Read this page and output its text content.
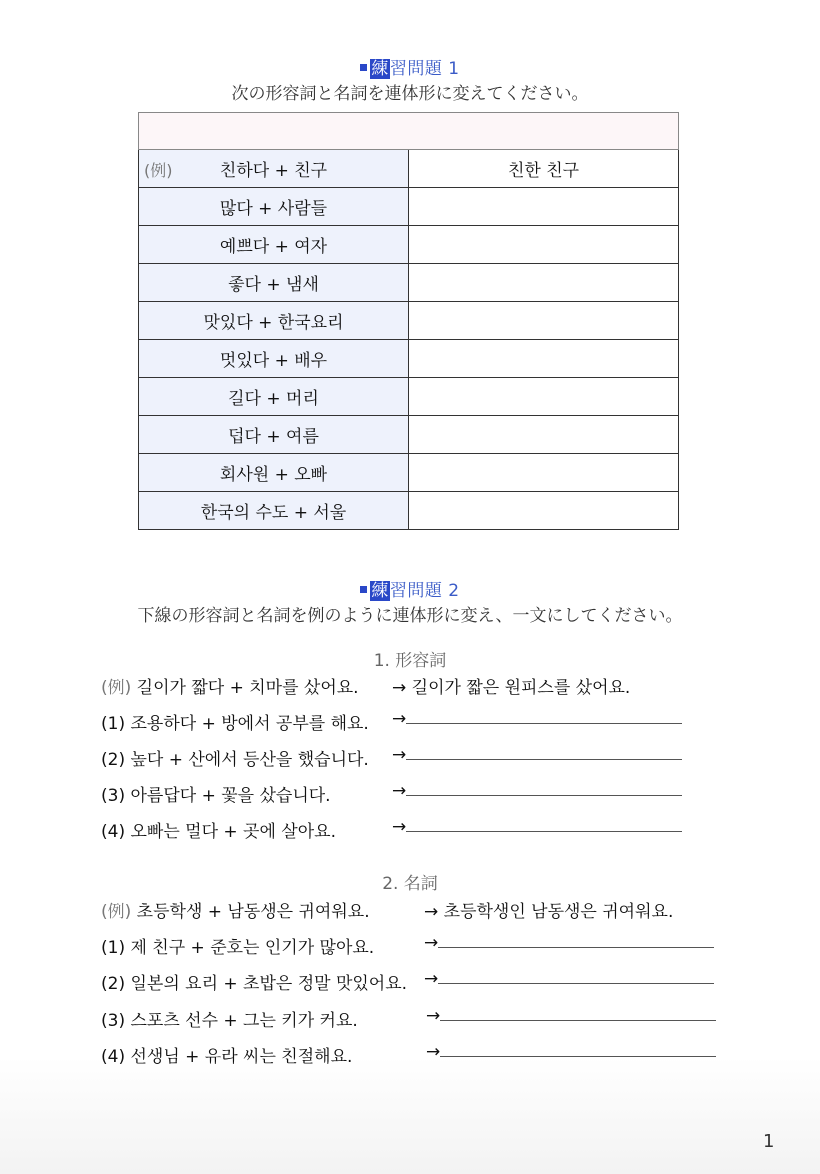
練習問題 1
次の形容詞と名詞を連体形に変えてください。

(例) 친하다 + 친구	친한 친구
많다 + 사람들	
예쁘다 + 여자	
좋다 + 냄새	
맛있다 + 한국요리	
멋있다 + 배우	
길다 + 머리	
덥다 + 여름	
회사원 + 오빠	
한국의 수도 + 서울	
練習問題 2
下線の形容詞と名詞を例のように連体形に変え、一文にしてください。
1. 形容詞
(例) 길이가 짧다 + 치마를 샀어요. → 길이가 짧은 원피스를 샀어요.
(1) 조용하다 + 방에서 공부를 해요. →
(2) 높다 + 산에서 등산을 했습니다. →
(3) 아름답다 + 꽃을 샀습니다.	→
(4) 오빠는 멀다 + 곳에 살아요.	→
2. 名詞
(例) 초등학생 + 남동생은 귀여워요.	→ 초등학생인 남동생은 귀여워요.
(1) 제 친구 + 준호는 인기가 많아요.	→
(2) 일본의 요리 + 초밥은 정말 맛있어요. →
(3) 스포츠 선수 + 그는 키가 커요.	→
(4) 선생님 + 유라 씨는 친절해요.	→
1
